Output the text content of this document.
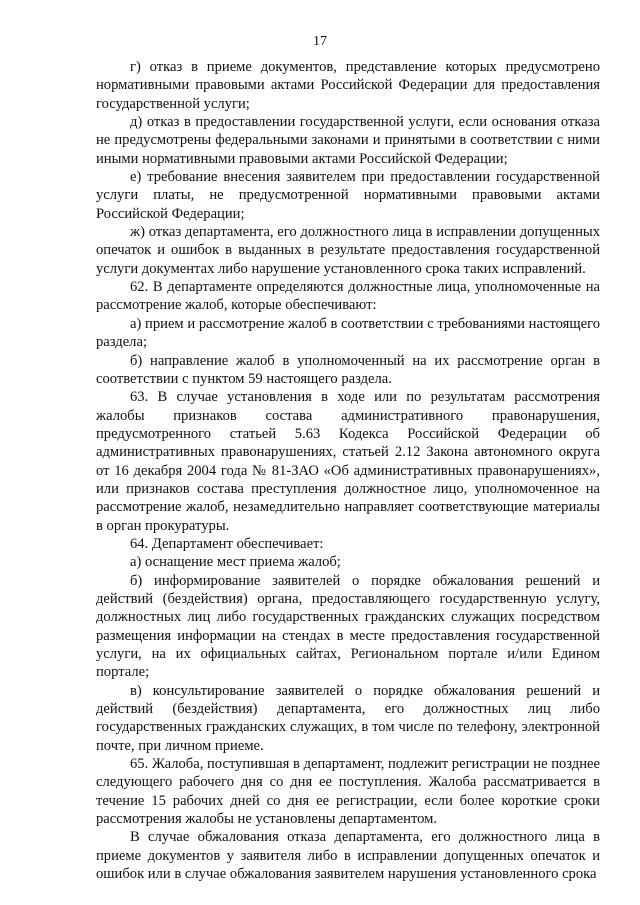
17

г) отказ в приеме документов, представление которых предусмотрено нормативными правовыми актами Российской Федерации для предоставления государственной услуги;

д) отказ в предоставлении государственной услуги, если основания отказа не предусмотрены федеральными законами и принятыми в соответствии с ними иными нормативными правовыми актами Российской Федерации;

е) требование внесения заявителем при предоставлении государственной услуги платы, не предусмотренной нормативными правовыми актами Российской Федерации;

ж) отказ департамента, его должностного лица в исправлении допущенных опечаток и ошибок в выданных в результате предоставления государственной услуги документах либо нарушение установленного срока таких исправлений.

62. В департаменте определяются должностные лица, уполномоченные на рассмотрение жалоб, которые обеспечивают:

а) прием и рассмотрение жалоб в соответствии с требованиями настоящего раздела;

б) направление жалоб в уполномоченный на их рассмотрение орган в соответствии с пунктом 59 настоящего раздела.

63. В случае установления в ходе или по результатам рассмотрения жалобы признаков состава административного правонарушения, предусмотренного статьей 5.63 Кодекса Российской Федерации об административных правонарушениях, статьей 2.12 Закона автономного округа от 16 декабря 2004 года № 81-ЗАО «Об административных правонарушениях», или признаков состава преступления должностное лицо, уполномоченное на рассмотрение жалоб, незамедлительно направляет соответствующие материалы в орган прокуратуры.

64. Департамент обеспечивает:

а) оснащение мест приема жалоб;

б) информирование заявителей о порядке обжалования решений и действий (бездействия) органа, предоставляющего государственную услугу, должностных лиц либо государственных гражданских служащих посредством размещения информации на стендах в месте предоставления государственной услуги, на их официальных сайтах, Региональном портале и/или Едином портале;

в) консультирование заявителей о порядке обжалования решений и действий (бездействия) департамента, его должностных лиц либо государственных гражданских служащих, в том числе по телефону, электронной почте, при личном приеме.

65. Жалоба, поступившая в департамент, подлежит регистрации не позднее следующего рабочего дня со дня ее поступления. Жалоба рассматривается в течение 15 рабочих дней со дня ее регистрации, если более короткие сроки рассмотрения жалобы не установлены департаментом.

В случае обжалования отказа департамента, его должностного лица в приеме документов у заявителя либо в исправлении допущенных опечаток и ошибок или в случае обжалования заявителем нарушения установленного срока
